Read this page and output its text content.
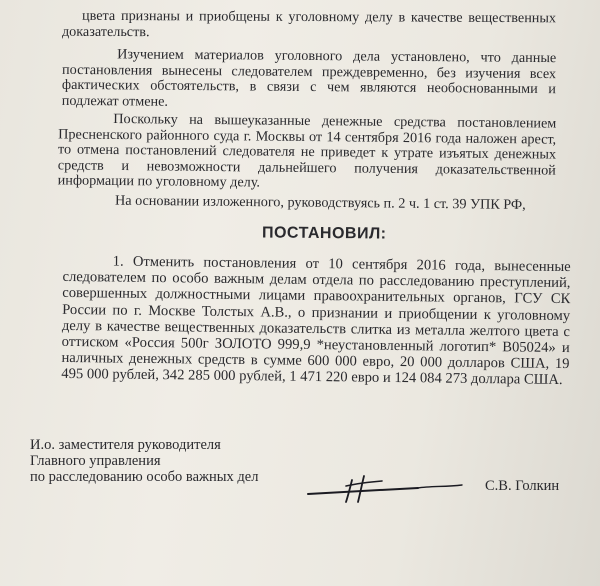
цвета признаны и приобщены к уголовному делу в качестве вещественных доказательств.

Изучением материалов уголовного дела установлено, что данные постановления вынесены следователем преждевременно, без изучения всех фактических обстоятельств, в связи с чем являются необоснованными и подлежат отмене.

Поскольку на вышеуказанные денежные средства постановлением Пресненского районного суда г. Москвы от 14 сентября 2016 года наложен арест, то отмена постановлений следователя не приведет к утрате изъятых денежных средств и невозможности дальнейшего получения доказательственной информации по уголовному делу.

На основании изложенного, руководствуясь п. 2 ч. 1 ст. 39 УПК РФ,

ПОСТАНОВИЛ:

1. Отменить постановления от 10 сентября 2016 года, вынесенные следователем по особо важным делам отдела по расследованию преступлений, совершенных должностными лицами правоохранительных органов, ГСУ СК России по г. Москве Толстых А.В., о признании и приобщении к уголовному делу в качестве вещественных доказательств слитка из металла желтого цвета с оттиском «Россия 500г ЗОЛОТО 999,9 *неустановленный логотип* B05024» и наличных денежных средств в сумме 600 000 евро, 20 000 долларов США, 19 495 000 рублей, 342 285 000 рублей, 1 471 220 евро и 124 084 273 доллара США.

И.о. заместителя руководителя
Главного управления
по расследованию особо важных дел
С.В. Голкин
